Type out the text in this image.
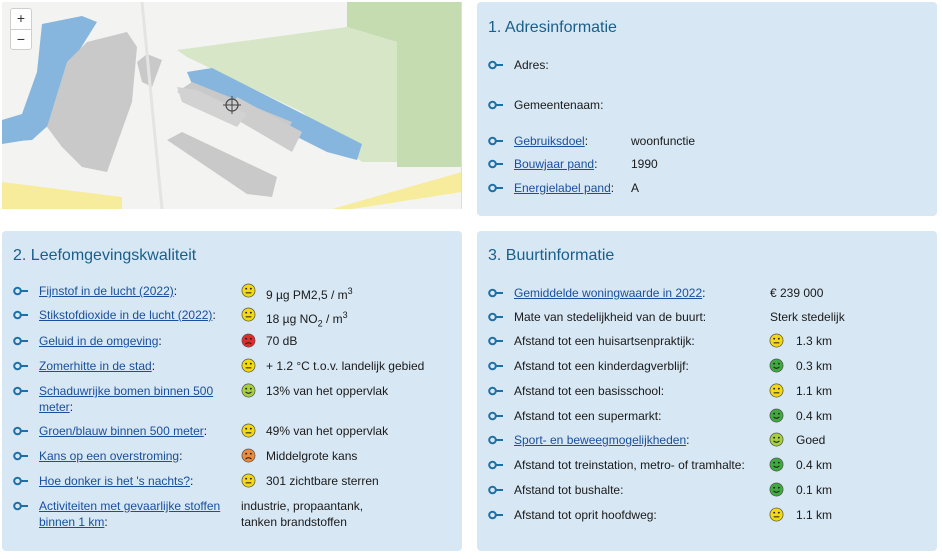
+
−
1. Adresinformatie
Adres:
Gemeentenaam:
Gebruiksdoel:	woonfunctie
Bouwjaar pand:	1990
Energielabel pand: A
2. Leefomgevingskwaliteit
Fijnstof in de lucht (2022):	9 µg $PM2,5 / m^3$
Stikstofdioxide in de lucht (2022):	18 µg $NO_2 / m^3$
Geluid in de omgeving:	70 dB
Zomerhitte in de stad:	+ 1.2 °C t.o.v. landelijk gebied
Schaduwrijke bomen binnen 500 meter:
13% van het oppervlak
Groen/blauw binnen 500 meter:	49% van het oppervlak
Kans op een overstroming:	Middelgrote kans
Hoe donker is het 's nachts?:	301 zichtbare sterren
Activiteiten met gevaarlijke stoffen binnen 1 km:
industrie, propaantank, tanken brandstoffen
3. Buurtinformatie
Gemiddelde woningwaarde in 2022:	€ 239 000
Mate van stedelijkheid van de buurt:	Sterk stedelijk
Afstand tot een huisartsenpraktijk:	1.3 km
Afstand tot een kinderdagverblijf:	0.3 km
Afstand tot een basisschool:	1.1 km
Afstand tot een supermarkt:	0.4 km
Sport- en beweegmogelijkheden:	Goed
Afstand tot treinstation, metro- of tramhalte:	0.4 km
Afstand tot bushalte:	0.1 km
Afstand tot oprit hoofdweg:	1.1 km
